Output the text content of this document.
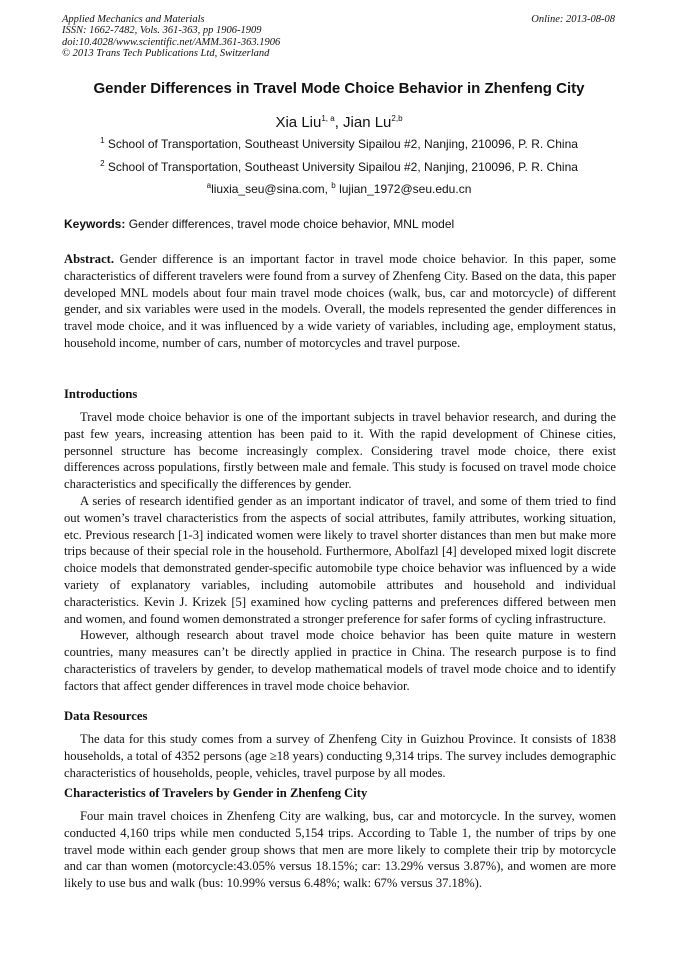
Applied Mechanics and Materials
ISSN: 1662-7482, Vols. 361-363, pp 1906-1909
doi:10.4028/www.scientific.net/AMM.361-363.1906
© 2013 Trans Tech Publications Ltd, Switzerland
Online: 2013-08-08
Gender Differences in Travel Mode Choice Behavior in Zhenfeng City
Xia Liu$^{1, a}$, Jian Lu$^{2,b}$
$^1$ School of Transportation, Southeast University Sipailou #2, Nanjing, 210096, P. R. China
$^2$ School of Transportation, Southeast University Sipailou #2, Nanjing, 210096, P. R. China
$^a$liuxia_seu@sina.com, $^b$ lujian_1972@seu.edu.cn
Keywords: Gender differences, travel mode choice behavior, MNL model
Abstract. Gender difference is an important factor in travel mode choice behavior. In this paper, some characteristics of different travelers were found from a survey of Zhenfeng City. Based on the data, this paper developed MNL models about four main travel mode choices (walk, bus, car and motorcycle) of different gender, and six variables were used in the models. Overall, the models represented the gender differences in travel mode choice, and it was influenced by a wide variety of variables, including age, employment status, household income, number of cars, number of motorcycles and travel purpose.
Introductions

Travel mode choice behavior is one of the important subjects in travel behavior research, and during the past few years, increasing attention has been paid to it. With the rapid development of Chinese cities, personnel structure has become increasingly complex. Considering travel mode choice, there exist differences across populations, firstly between male and female. This study is focused on travel mode choice characteristics and specifically the differences by gender.

A series of research identified gender as an important indicator of travel, and some of them tried to find out women’s travel characteristics from the aspects of social attributes, family attributes, working situation, etc. Previous research [1-3] indicated women were likely to travel shorter distances than men but make more trips because of their special role in the household. Furthermore, Abolfazl [4] developed mixed logit discrete choice models that demonstrated gender-specific automobile type choice behavior was influenced by a wide variety of explanatory variables, including automobile attributes and household and individual characteristics. Kevin J. Krizek [5] examined how cycling patterns and preferences differed between men and women, and found women demonstrated a stronger preference for safer forms of cycling infrastructure.

However, although research about travel mode choice behavior has been quite mature in western countries, many measures can’t be directly applied in practice in China. The research purpose is to find characteristics of travelers by gender, to develop mathematical models of travel mode choice and to identify factors that affect gender differences in travel mode choice behavior.

Data Resources

The data for this study comes from a survey of Zhenfeng City in Guizhou Province. It consists of 1838 households, a total of 4352 persons (age ≥18 years) conducting 9,314 trips. The survey includes demographic characteristics of households, people, vehicles, travel purpose by all modes.

Characteristics of Travelers by Gender in Zhenfeng City

Four main travel choices in Zhenfeng City are walking, bus, car and motorcycle. In the survey, women conducted 4,160 trips while men conducted 5,154 trips. According to Table 1, the number of trips by one travel mode within each gender group shows that men are more likely to complete their trip by motorcycle and car than women (motorcycle:43.05% versus 18.15%; car: 13.29% versus 3.87%), and women are more likely to use bus and walk (bus: 10.99% versus 6.48%; walk: 67% versus 37.18%).
